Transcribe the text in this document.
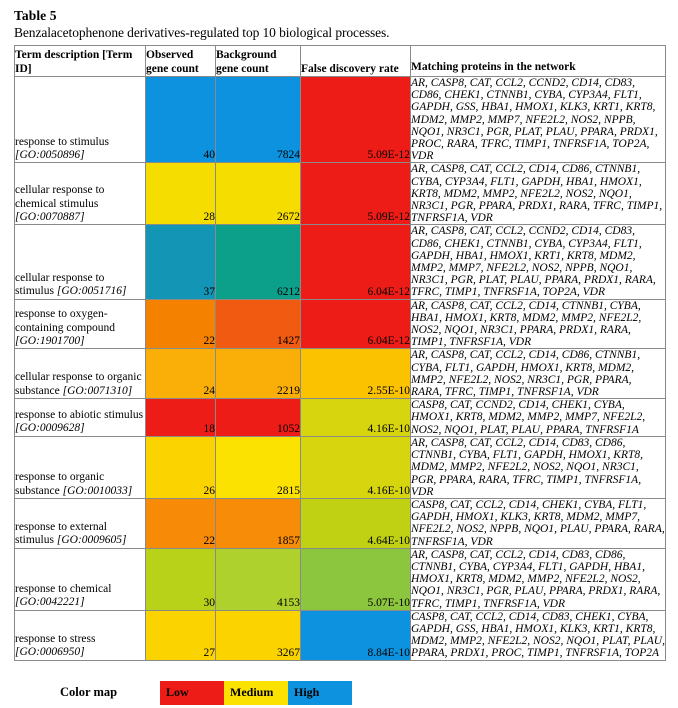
Table 5
Benzalacetophenone derivatives-regulated top 10 biological processes.
Term description [Term ID]	Observed gene count	Background gene count	False discovery rate	Matching proteins in the network
response to stimulus [GO:0050896]	40	7824	5.09E-12	AR, CASP8, CAT, CCL2, CCND2, CD14, CD83, CD86, CHEK1, CTNNB1, CYBA, CYP3A4, FLT1, GAPDH, GSS, HBA1, HMOX1, KLK3, KRT1, KRT8, MDM2, MMP2, MMP7, NFE2L2, NOS2, NPPB, NQO1, NR3C1, PGR, PLAT, PLAU, PPARA, PRDX1, PROC, RARA, TFRC, TIMP1, TNFRSF1A, TOP2A, VDR
cellular response to chemical stimulus [GO:0070887]	28	2672	5.09E-12	AR, CASP8, CAT, CCL2, CD14, CD86, CTNNB1, CYBA, CYP3A4, FLT1, GAPDH, HBA1, HMOX1, KRT8, MDM2, MMP2, NFE2L2, NOS2, NQO1, NR3C1, PGR, PPARA, PRDX1, RARA, TFRC, TIMP1, TNFRSF1A, VDR
cellular response to stimulus [GO:0051716]	37	6212	6.04E-12	AR, CASP8, CAT, CCL2, CCND2, CD14, CD83, CD86, CHEK1, CTNNB1, CYBA, CYP3A4, FLT1, GAPDH, HBA1, HMOX1, KRT1, KRT8, MDM2, MMP2, MMP7, NFE2L2, NOS2, NPPB, NQO1, NR3C1, PGR, PLAT, PLAU, PPARA, PRDX1, RARA, TFRC, TIMP1, TNFRSF1A, TOP2A, VDR
response to oxygen-containing compound [GO:1901700]	22	1427	6.04E-12	AR, CASP8, CAT, CCL2, CD14, CTNNB1, CYBA, HBA1, HMOX1, KRT8, MDM2, MMP2, NFE2L2, NOS2, NQO1, NR3C1, PPARA, PRDX1, RARA, TIMP1, TNFRSF1A, VDR
cellular response to organic substance [GO:0071310]	24	2219	2.55E-10	AR, CASP8, CAT, CCL2, CD14, CD86, CTNNB1, CYBA, FLT1, GAPDH, HMOX1, KRT8, MDM2, MMP2, NFE2L2, NOS2, NR3C1, PGR, PPARA, RARA, TFRC, TIMP1, TNFRSF1A, VDR
response to abiotic stimulus [GO:0009628]	18	1052	4.16E-10	CASP8, CAT, CCND2, CD14, CHEK1, CYBA, HMOX1, KRT8, MDM2, MMP2, MMP7, NFE2L2, NOS2, NQO1, PLAT, PLAU, PPARA, TNFRSF1A
response to organic substance [GO:0010033]	26	2815	4.16E-10	AR, CASP8, CAT, CCL2, CD14, CD83, CD86, CTNNB1, CYBA, FLT1, GAPDH, HMOX1, KRT8, MDM2, MMP2, NFE2L2, NOS2, NQO1, NR3C1, PGR, PPARA, RARA, TFRC, TIMP1, TNFRSF1A, VDR
response to external stimulus [GO:0009605]	22	1857	4.64E-10	CASP8, CAT, CCL2, CD14, CHEK1, CYBA, FLT1, GAPDH, HMOX1, KLK3, KRT8, MDM2, MMP7, NFE2L2, NOS2, NPPB, NQO1, PLAU, PPARA, RARA, TNFRSF1A, VDR
response to chemical [GO:0042221]	30	4153	5.07E-10	AR, CASP8, CAT, CCL2, CD14, CD83, CD86, CTNNB1, CYBA, CYP3A4, FLT1, GAPDH, HBA1, HMOX1, KRT8, MDM2, MMP2, NFE2L2, NOS2, NQO1, NR3C1, PGR, PLAU, PPARA, PRDX1, RARA, TFRC, TIMP1, TNFRSF1A, VDR
response to stress [GO:0006950]	27	3267	8.84E-10	CASP8, CAT, CCL2, CD14, CD83, CHEK1, CYBA, GAPDH, GSS, HBA1, HMOX1, KLK3, KRT1, KRT8, MDM2, MMP2, NFE2L2, NOS2, NQO1, PLAT, PLAU, PPARA, PRDX1, PROC, TIMP1, TNFRSF1A, TOP2A
Color map	Low	Medium	High
